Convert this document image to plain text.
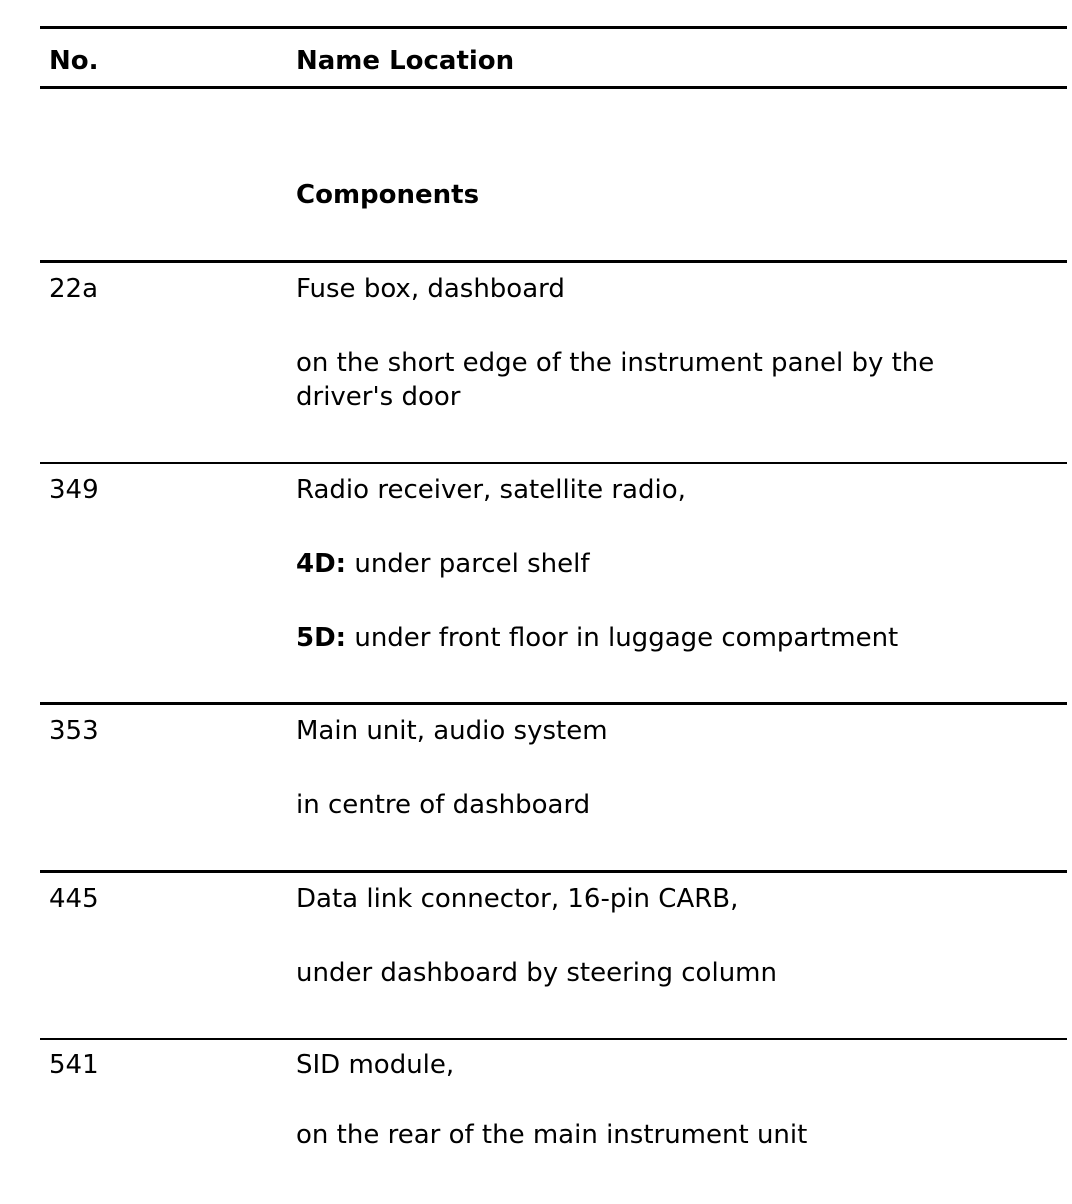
No.	Name Location
Components
22a	Fuse box, dashboard
on the short edge of the instrument panel by the driver's door
349	Radio receiver, satellite radio,
4D: under parcel shelf
5D: under front floor in luggage compartment
353	Main unit, audio system
in centre of dashboard
445	Data link connector, 16-pin CARB,
under dashboard by steering column
541	SID module,
on the rear of the main instrument unit
